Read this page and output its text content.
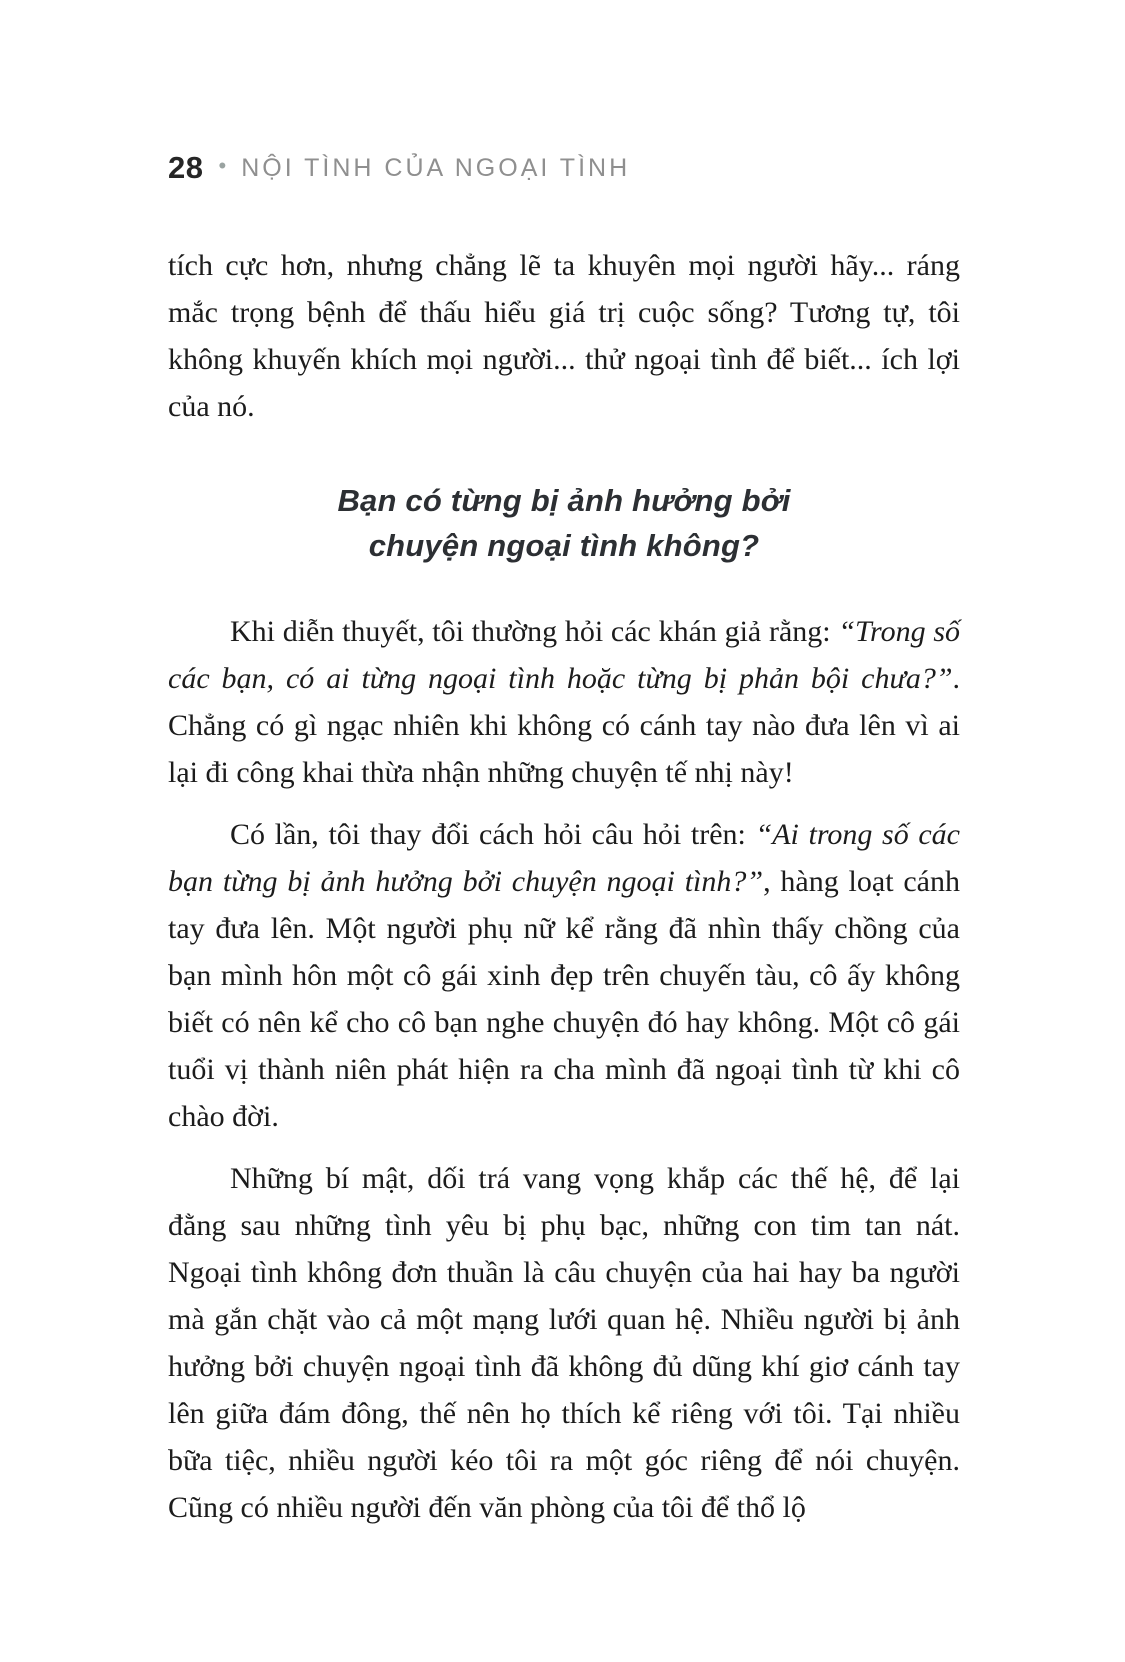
28 • NỘI TÌNH CỦA NGOẠI TÌNH

tích cực hơn, nhưng chẳng lẽ ta khuyên mọi người hãy... ráng mắc trọng bệnh để thấu hiểu giá trị cuộc sống? Tương tự, tôi không khuyến khích mọi người... thử ngoại tình để biết... ích lợi của nó.

Bạn có từng bị ảnh hưởng bởi
chuyện ngoại tình không?

Khi diễn thuyết, tôi thường hỏi các khán giả rằng: “Trong số các bạn, có ai từng ngoại tình hoặc từng bị phản bội chưa?”. Chẳng có gì ngạc nhiên khi không có cánh tay nào đưa lên vì ai lại đi công khai thừa nhận những chuyện tế nhị này!

Có lần, tôi thay đổi cách hỏi câu hỏi trên: “Ai trong số các bạn từng bị ảnh hưởng bởi chuyện ngoại tình?”, hàng loạt cánh tay đưa lên. Một người phụ nữ kể rằng đã nhìn thấy chồng của bạn mình hôn một cô gái xinh đẹp trên chuyến tàu, cô ấy không biết có nên kể cho cô bạn nghe chuyện đó hay không. Một cô gái tuổi vị thành niên phát hiện ra cha mình đã ngoại tình từ khi cô chào đời.

Những bí mật, dối trá vang vọng khắp các thế hệ, để lại đằng sau những tình yêu bị phụ bạc, những con tim tan nát. Ngoại tình không đơn thuần là câu chuyện của hai hay ba người mà gắn chặt vào cả một mạng lưới quan hệ. Nhiều người bị ảnh hưởng bởi chuyện ngoại tình đã không đủ dũng khí giơ cánh tay lên giữa đám đông, thế nên họ thích kể riêng với tôi. Tại nhiều bữa tiệc, nhiều người kéo tôi ra một góc riêng để nói chuyện. Cũng có nhiều người đến văn phòng của tôi để thổ lộ
